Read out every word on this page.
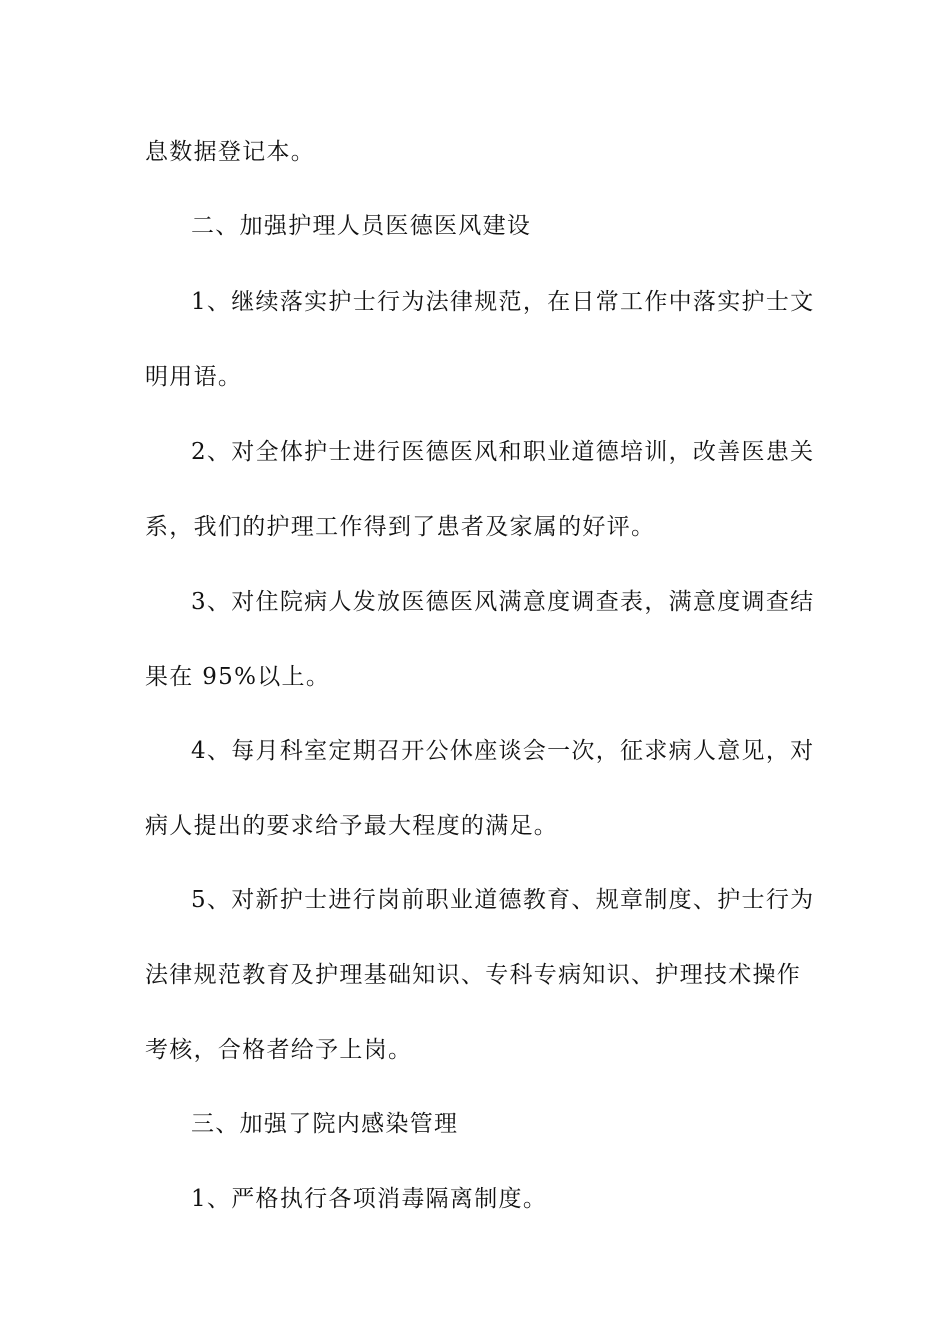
息数据登记本。
二、加强护理人员医德医风建设
1、继续落实护士行为法律规范，在日常工作中落实护士文
明用语。
2、对全体护士进行医德医风和职业道德培训，改善医患关
系，我们的护理工作得到了患者及家属的好评。
3、对住院病人发放医德医风满意度调查表，满意度调查结
果在 95%以上。
4、每月科室定期召开公休座谈会一次，征求病人意见，对
病人提出的要求给予最大程度的满足。
5、对新护士进行岗前职业道德教育、规章制度、护士行为
法律规范教育及护理基础知识、专科专病知识、护理技术操作
考核，合格者给予上岗。
三、加强了院内感染管理
1、严格执行各项消毒隔离制度。
